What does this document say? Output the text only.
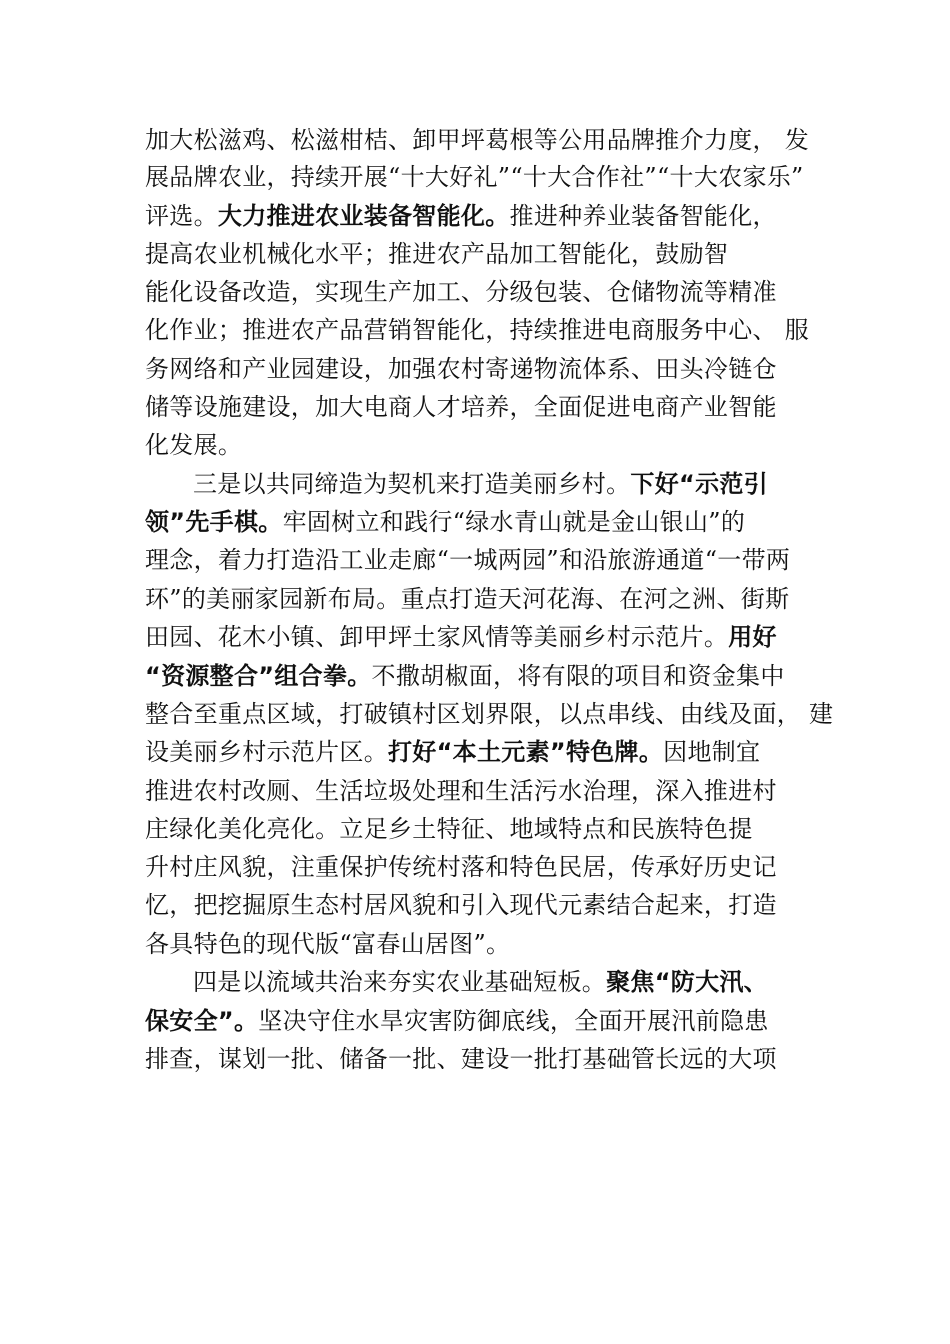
加大松滋鸡、松滋柑桔、卸甲坪葛根等公用品牌推介力度， 发
展品牌农业，持续开展“十大好礼”“十大合作社”“十大农家乐”
评选。大力推进农业装备智能化。推进种养业装备智能化，
提高农业机械化水平；推进农产品加工智能化，鼓励智
能化设备改造，实现生产加工、分级包装、仓储物流等精准
化作业；推进农产品营销智能化，持续推进电商服务中心、 服
务网络和产业园建设，加强农村寄递物流体系、田头冷链仓
储等设施建设，加大电商人才培养，全面促进电商产业智能
化发展。
三是以共同缔造为契机来打造美丽乡村。下好“示范引
领”先手棋。牢固树立和践行“绿水青山就是金山银山”的
理念，着力打造沿工业走廊“一城两园”和沿旅游通道“一带两
环”的美丽家园新布局。重点打造天河花海、在河之洲、街斯
田园、花木小镇、卸甲坪土家风情等美丽乡村示范片。用好
“资源整合”组合拳。不撒胡椒面，将有限的项目和资金集中
整合至重点区域，打破镇村区划界限，以点串线、由线及面， 建
设美丽乡村示范片区。打好“本土元素”特色牌。因地制宜
推进农村改厕、生活垃圾处理和生活污水治理，深入推进村
庄绿化美化亮化。立足乡土特征、地域特点和民族特色提
升村庄风貌，注重保护传统村落和特色民居，传承好历史记
忆，把挖掘原生态村居风貌和引入现代元素结合起来，打造
各具特色的现代版“富春山居图”。
四是以流域共治来夯实农业基础短板。聚焦“防大汛、
保安全”。坚决守住水旱灾害防御底线，全面开展汛前隐患
排查，谋划一批、储备一批、建设一批打基础管长远的大项
